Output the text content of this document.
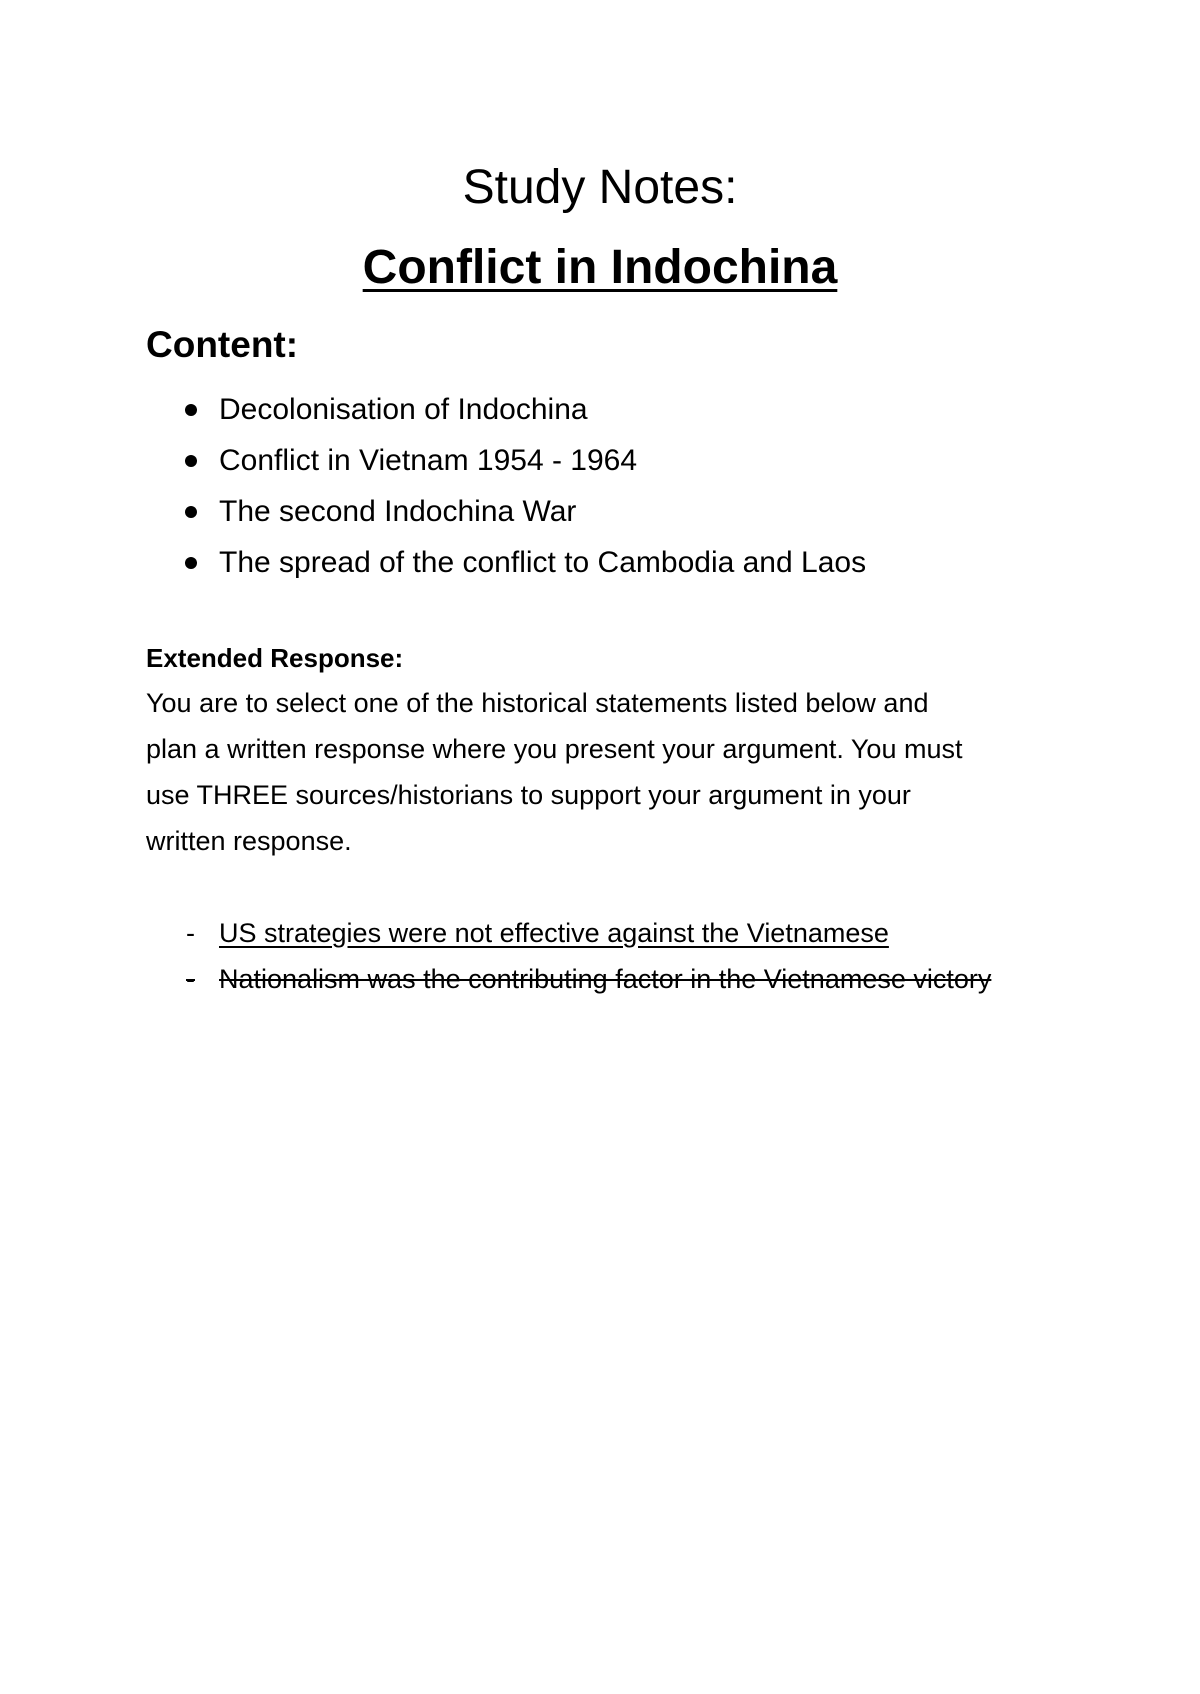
Study Notes:
Conflict in Indochina
Content:
Decolonisation of Indochina
Conflict in Vietnam 1954 - 1964
The second Indochina War
The spread of the conflict to Cambodia and Laos
Extended Response:

You are to select one of the historical statements listed below and
plan a written response where you present your argument. You must
use THREE sources/historians to support your argument in your
written response.

- US strategies were not effective against the Vietnamese
- Nationalism was the contributing factor in the Vietnamese victory
